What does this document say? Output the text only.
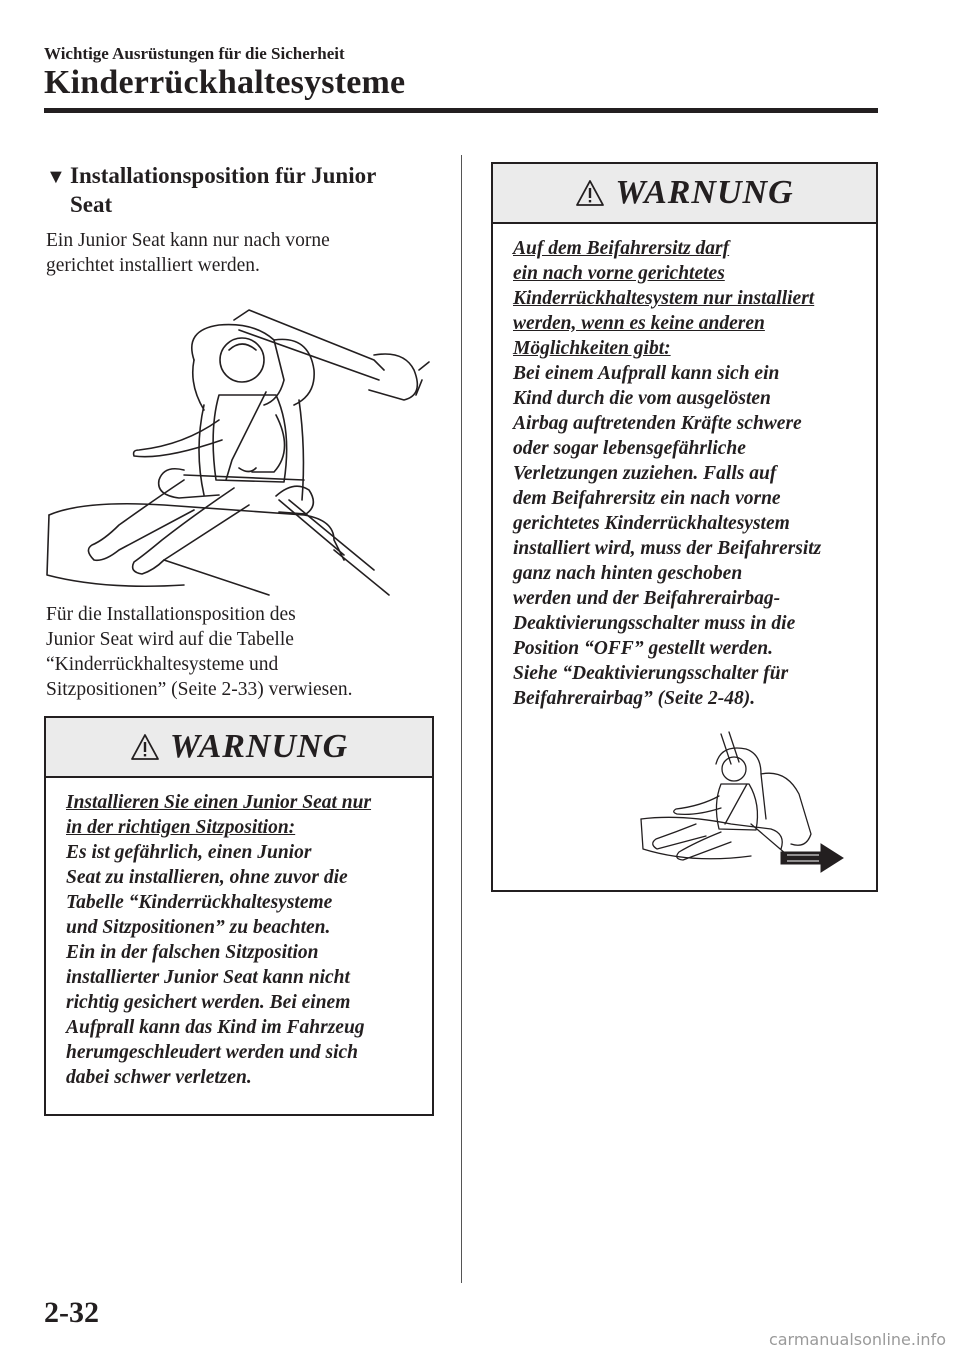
Wichtige Ausrüstungen für die Sicherheit
Kinderrückhaltesysteme
▼ Installationsposition für Junior
Seat
Ein Junior Seat kann nur nach vorne
gerichtet installiert werden.
Für die Installationsposition des
Junior Seat wird auf die Tabelle
“Kinderrückhaltesysteme und
Sitzpositionen” (Seite 2-33) verwiesen.
WARNUNG
Installieren Sie einen Junior Seat nur
in der richtigen Sitzposition:
Es ist gefährlich, einen Junior
Seat zu installieren, ohne zuvor die
Tabelle “Kinderrückhaltesysteme
und Sitzpositionen” zu beachten.
Ein in der falschen Sitzposition
installierter Junior Seat kann nicht
richtig gesichert werden. Bei einem
Aufprall kann das Kind im Fahrzeug
herumgeschleudert werden und sich
dabei schwer verletzen.
WARNUNG
Auf dem Beifahrersitz darf
ein nach vorne gerichtetes
Kinderrückhaltesystem nur installiert
werden, wenn es keine anderen
Möglichkeiten gibt:
Bei einem Aufprall kann sich ein
Kind durch die vom ausgelösten
Airbag auftretenden Kräfte schwere
oder sogar lebensgefährliche
Verletzungen zuziehen. Falls auf
dem Beifahrersitz ein nach vorne
gerichtetes Kinderrückhaltesystem
installiert wird, muss der Beifahrersitz
ganz nach hinten geschoben
werden und der Beifahrerairbag-
Deaktivierungsschalter muss in die
Position “OFF” gestellt werden.
Siehe “Deaktivierungsschalter für
Beifahrerairbag” (Seite 2-48).
2-32
carmanualsonline.info
